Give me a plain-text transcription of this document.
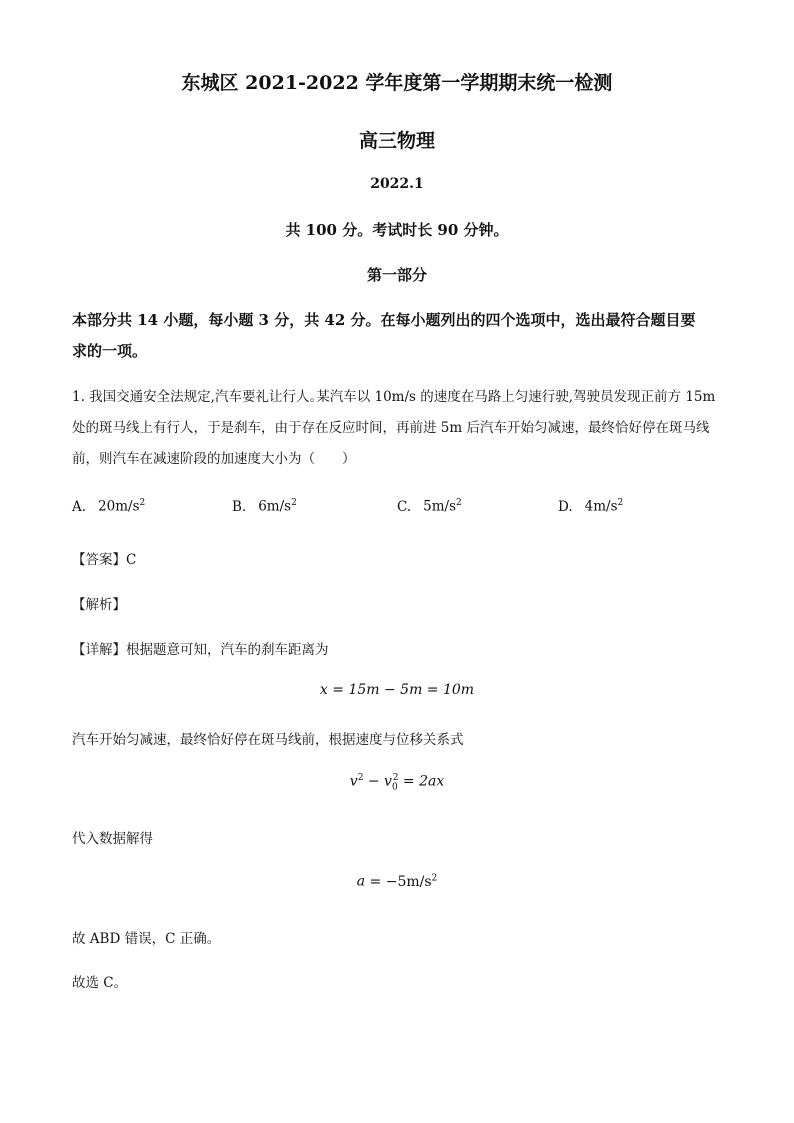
东城区 2021-2022 学年度第一学期期末统一检测
高三物理
2022.1
共 100 分。考试时长 90 分钟。
第一部分
本部分共 14 小题，每小题 3 分，共 42 分。在每小题列出的四个选项中，选出最符合题目要
求的一项。
1. 我国交通安全法规定,汽车要礼让行人｡某汽车以 10m/s 的速度在马路上匀速行驶,驾驶员发现正前方 15m
处的斑马线上有行人，于是刹车，由于存在反应时间，再前进 5m 后汽车开始匀减速，最终恰好停在斑马线
前，则汽车在减速阶段的加速度大小为（　　）
A. $20m/s^2$	B. $6m/s^2$	C. $5m/s^2$	D. $4m/s^2$
【答案】C
【解析】
【详解】根据题意可知，汽车的刹车距离为
x = 15m − 5m = 10m
汽车开始匀减速，最终恰好停在斑马线前，根据速度与位移关系式
$v^2 - v_0^2 = 2ax$
代入数据解得
$a = -5m/s^2$
故 ABD 错误，C 正确。
故选 C。
